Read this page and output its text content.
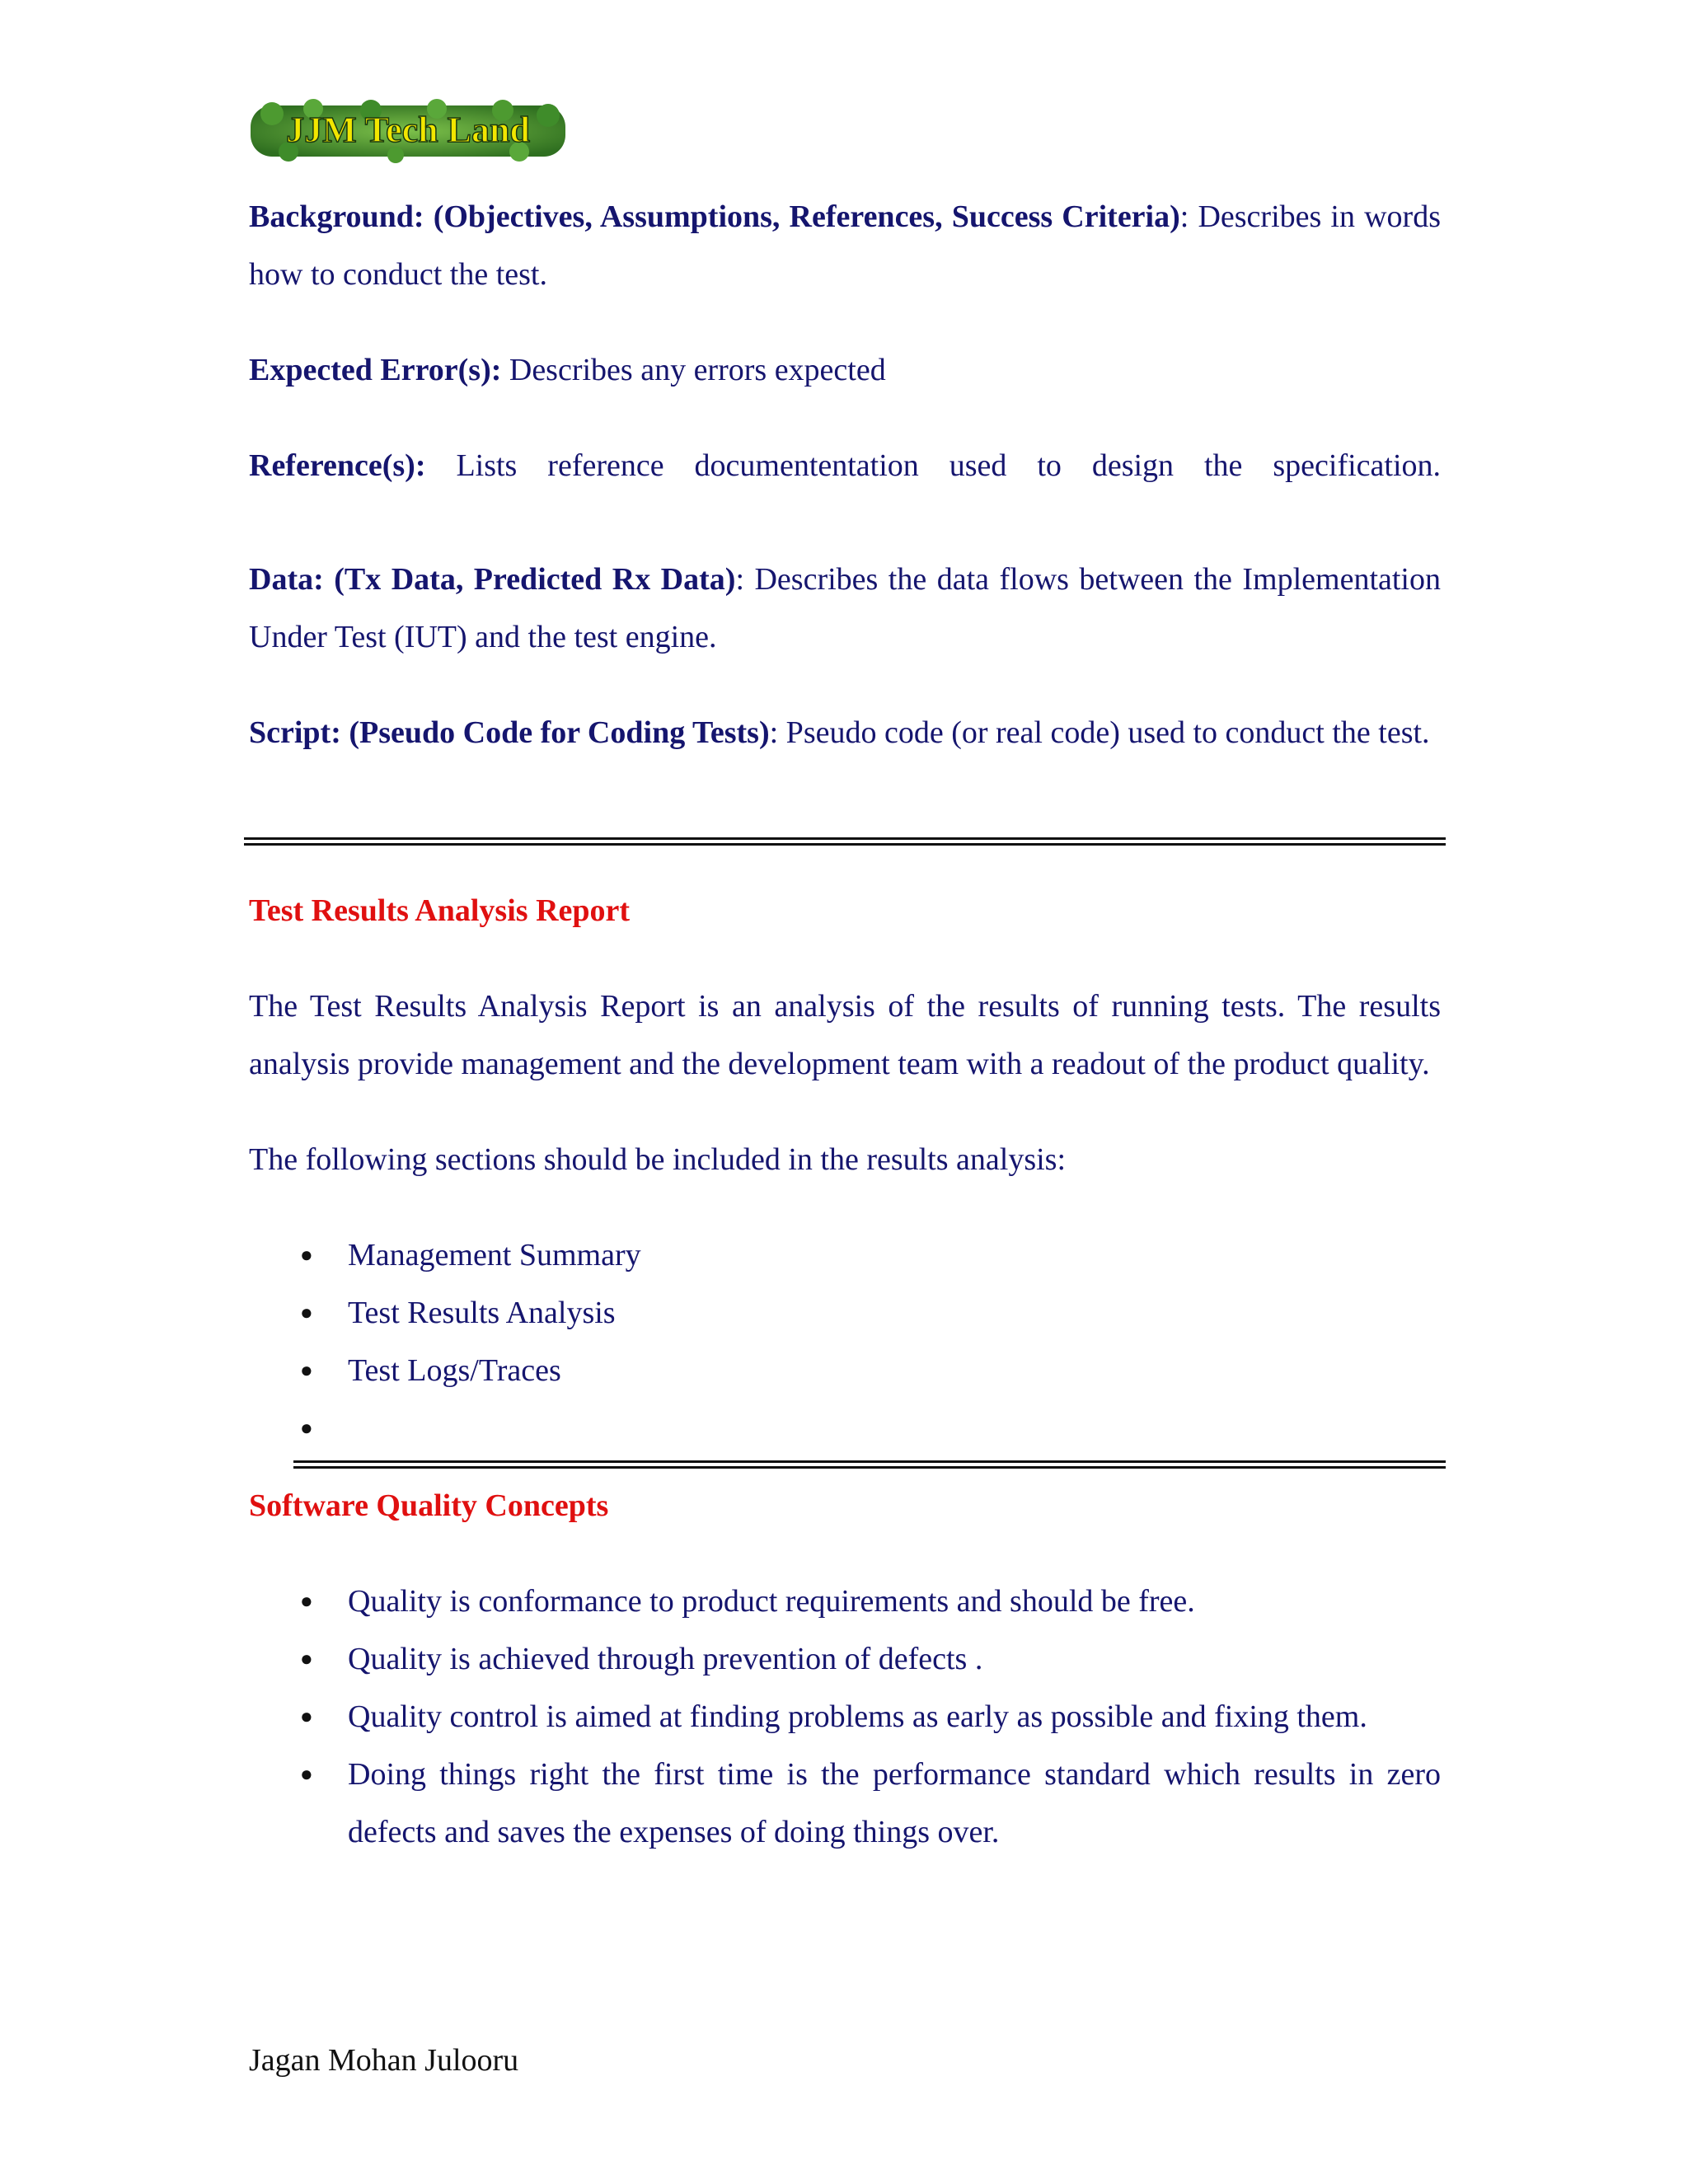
JJM Tech Land

Background: (Objectives, Assumptions, References, Success Criteria): Describes in words how to conduct the test.

Expected Error(s): Describes any errors expected

Reference(s): Lists reference documententation used to design the specification.

Data: (Tx Data, Predicted Rx Data): Describes the data flows between the Implementation Under Test (IUT) and the test engine.

Script: (Pseudo Code for Coding Tests): Pseudo code (or real code) used to conduct the test.

Test Results Analysis Report

The Test Results Analysis Report is an analysis of the results of running tests. The results analysis provide management and the development team with a readout of the product quality.

The following sections should be included in the results analysis:

● Management Summary
● Test Results Analysis
● Test Logs/Traces
●
Software Quality Concepts
● Quality is conformance to product requirements and should be free.
● Quality is achieved through prevention of defects .
● Quality control is aimed at finding problems as early as possible and fixing them.
● Doing things right the first time is the performance standard which results in zero defects and saves the expenses of doing things over.
Jagan Mohan Julooru
